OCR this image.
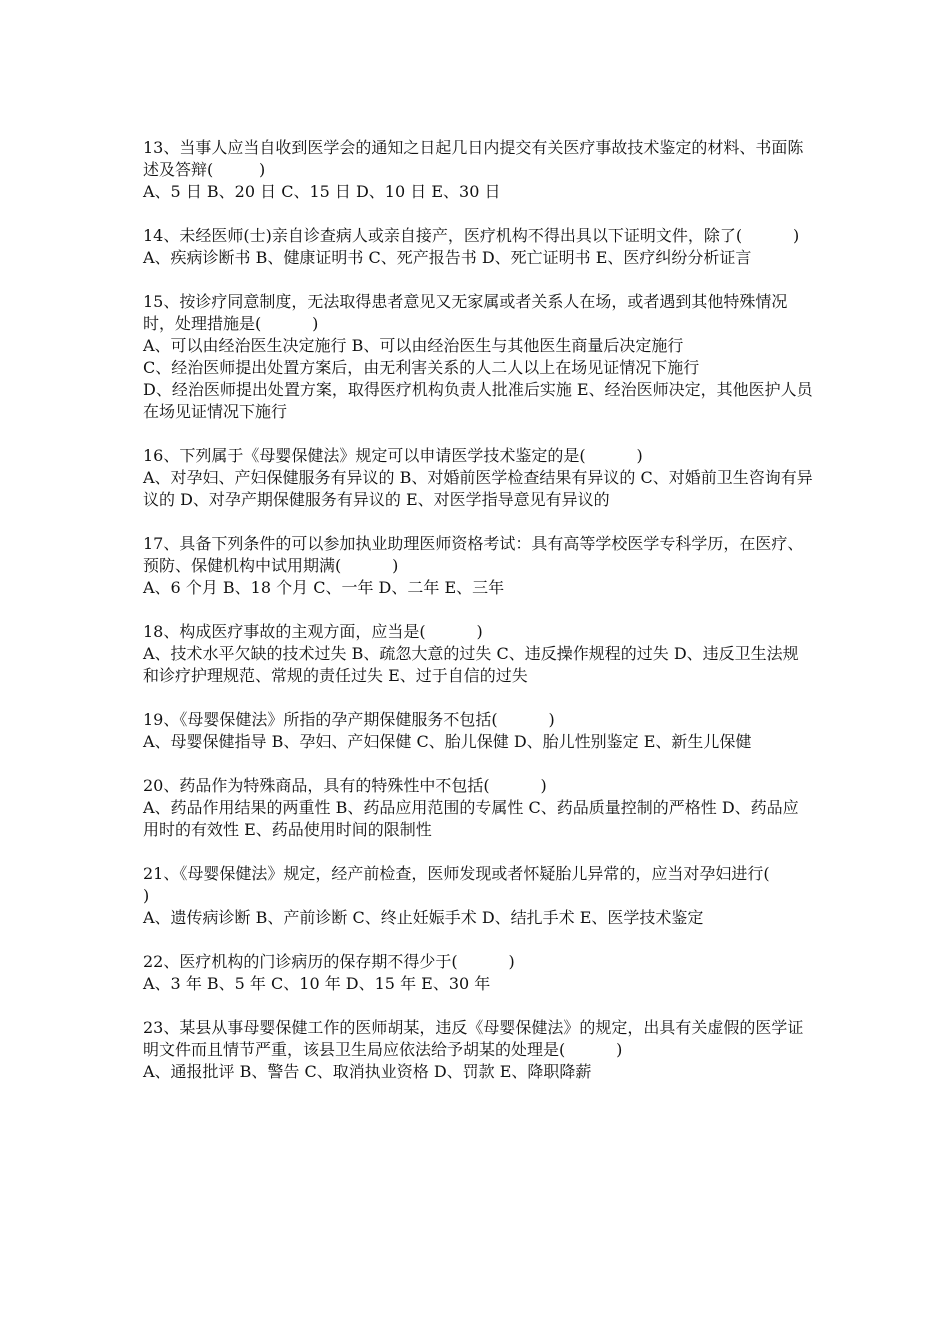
13、当事人应当自收到医学会的通知之日起几日内提交有关医疗事故技术鉴定的材料、书面陈述及答辩(         )

A、5 日 B、20 日 C、15 日 D、10 日 E、30 日

14、未经医师(士)亲自诊查病人或亲自接产，医疗机构不得出具以下证明文件，除了(          )

A、疾病诊断书 B、健康证明书 C、死产报告书 D、死亡证明书 E、医疗纠纷分析证言

15、按诊疗同意制度，无法取得患者意见又无家属或者关系人在场，或者遇到其他特殊情况时，处理措施是(          )

A、可以由经治医生决定施行 B、可以由经治医生与其他医生商量后决定施行

C、经治医师提出处置方案后，由无利害关系的人二人以上在场见证情况下施行

D、经治医师提出处置方案，取得医疗机构负责人批准后实施 E、经治医师决定，其他医护人员在场见证情况下施行

16、下列属于《母婴保健法》规定可以申请医学技术鉴定的是(          )

A、对孕妇、产妇保健服务有异议的 B、对婚前医学检查结果有异议的 C、对婚前卫生咨询有异议的 D、对孕产期保健服务有异议的 E、对医学指导意见有异议的

17、具备下列条件的可以参加执业助理医师资格考试：具有高等学校医学专科学历，在医疗、预防、保健机构中试用期满(          )

A、6 个月 B、18 个月 C、一年 D、二年 E、三年

18、构成医疗事故的主观方面，应当是(          )

A、技术水平欠缺的技术过失 B、疏忽大意的过失 C、违反操作规程的过失 D、违反卫生法规和诊疗护理规范、常规的责任过失 E、过于自信的过失

19、《母婴保健法》所指的孕产期保健服务不包括(          )

A、母婴保健指导 B、孕妇、产妇保健 C、胎儿保健 D、胎儿性别鉴定 E、新生儿保健

20、药品作为特殊商品，具有的特殊性中不包括(          )

A、药品作用结果的两重性 B、药品应用范围的专属性 C、药品质量控制的严格性 D、药品应用时的有效性 E、药品使用时间的限制性

21、《母婴保健法》规定，经产前检查，医师发现或者怀疑胎儿异常的，应当对孕妇进行(          )

A、遗传病诊断 B、产前诊断 C、终止妊娠手术 D、结扎手术 E、医学技术鉴定

22、医疗机构的门诊病历的保存期不得少于(          )

A、3 年 B、5 年 C、10 年 D、15 年 E、30 年

23、某县从事母婴保健工作的医师胡某，违反《母婴保健法》的规定，出具有关虚假的医学证明文件而且情节严重，该县卫生局应依法给予胡某的处理是(          )

A、通报批评 B、警告 C、取消执业资格 D、罚款 E、降职降薪
